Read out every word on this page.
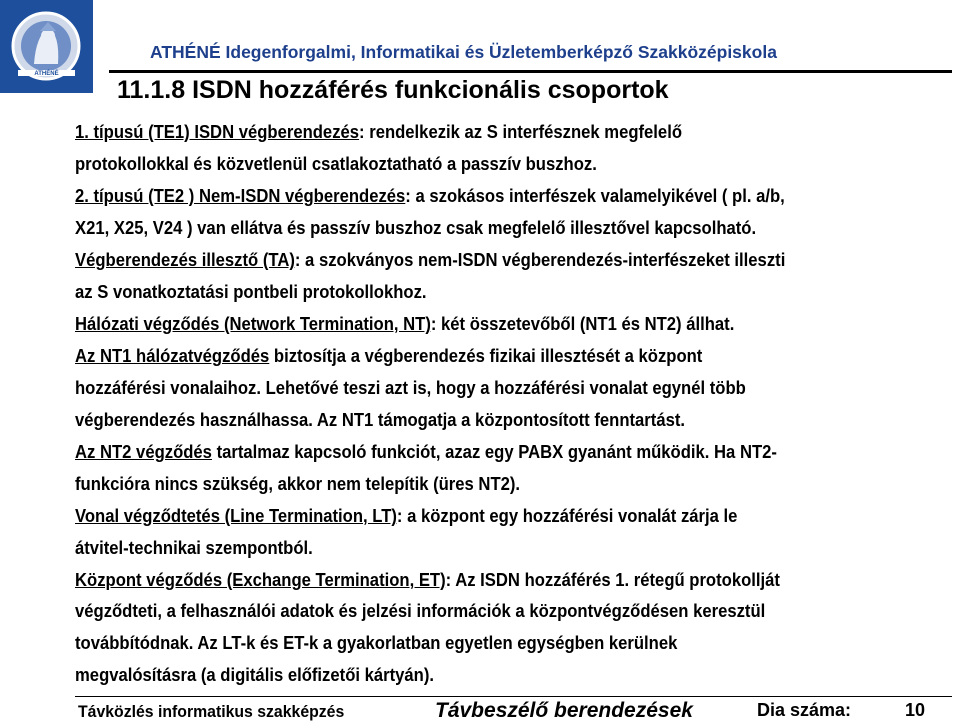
ATHÉNÉ
ATHÉNÉ Idegenforgalmi, Informatikai és Üzletemberképző Szakközépiskola
11.1.8 ISDN hozzáférés funkcionális csoportok

1. típusú (TE1) ISDN végberendezés: rendelkezik az S interfésznek megfelelő
protokollokkal és közvetlenül csatlakoztatható a passzív buszhoz.

2. típusú (TE2 ) Nem-ISDN végberendezés: a szokásos interfészek valamelyikével ( pl. a/b,
X21, X25, V24 ) van ellátva és passzív buszhoz csak megfelelő illesztővel kapcsolható.

Végberendezés illesztő (TA): a szokványos nem-ISDN végberendezés-interfészeket illeszti
az S vonatkoztatási pontbeli protokollokhoz.

Hálózati végződés (Network Termination, NT): két összetevőből (NT1 és NT2) állhat.

Az NT1 hálózatvégződés biztosítja a végberendezés fizikai illesztését a központ
hozzáférési vonalaihoz. Lehetővé teszi azt is, hogy a hozzáférési vonalat egynél több
végberendezés használhassa. Az NT1 támogatja a központosított fenntartást.

Az NT2 végződés tartalmaz kapcsoló funkciót, azaz egy PABX gyanánt működik. Ha NT2-
funkcióra nincs szükség, akkor nem telepítik (üres NT2).

Vonal végződtetés (Line Termination, LT): a központ egy hozzáférési vonalát zárja le
átvitel-technikai szempontból.

Központ végződés (Exchange Termination, ET): Az ISDN hozzáférés 1. rétegű protokollját
végződteti, a felhasználói adatok és jelzési információk a központvégződésen keresztül
továbbítódnak. Az LT-k és ET-k a gyakorlatban egyetlen egységben kerülnek
megvalósításra (a digitális előfizetői kártyán).

Távközlés informatikus szakképzés	Távbeszélő berendezések	Dia száma:	10
